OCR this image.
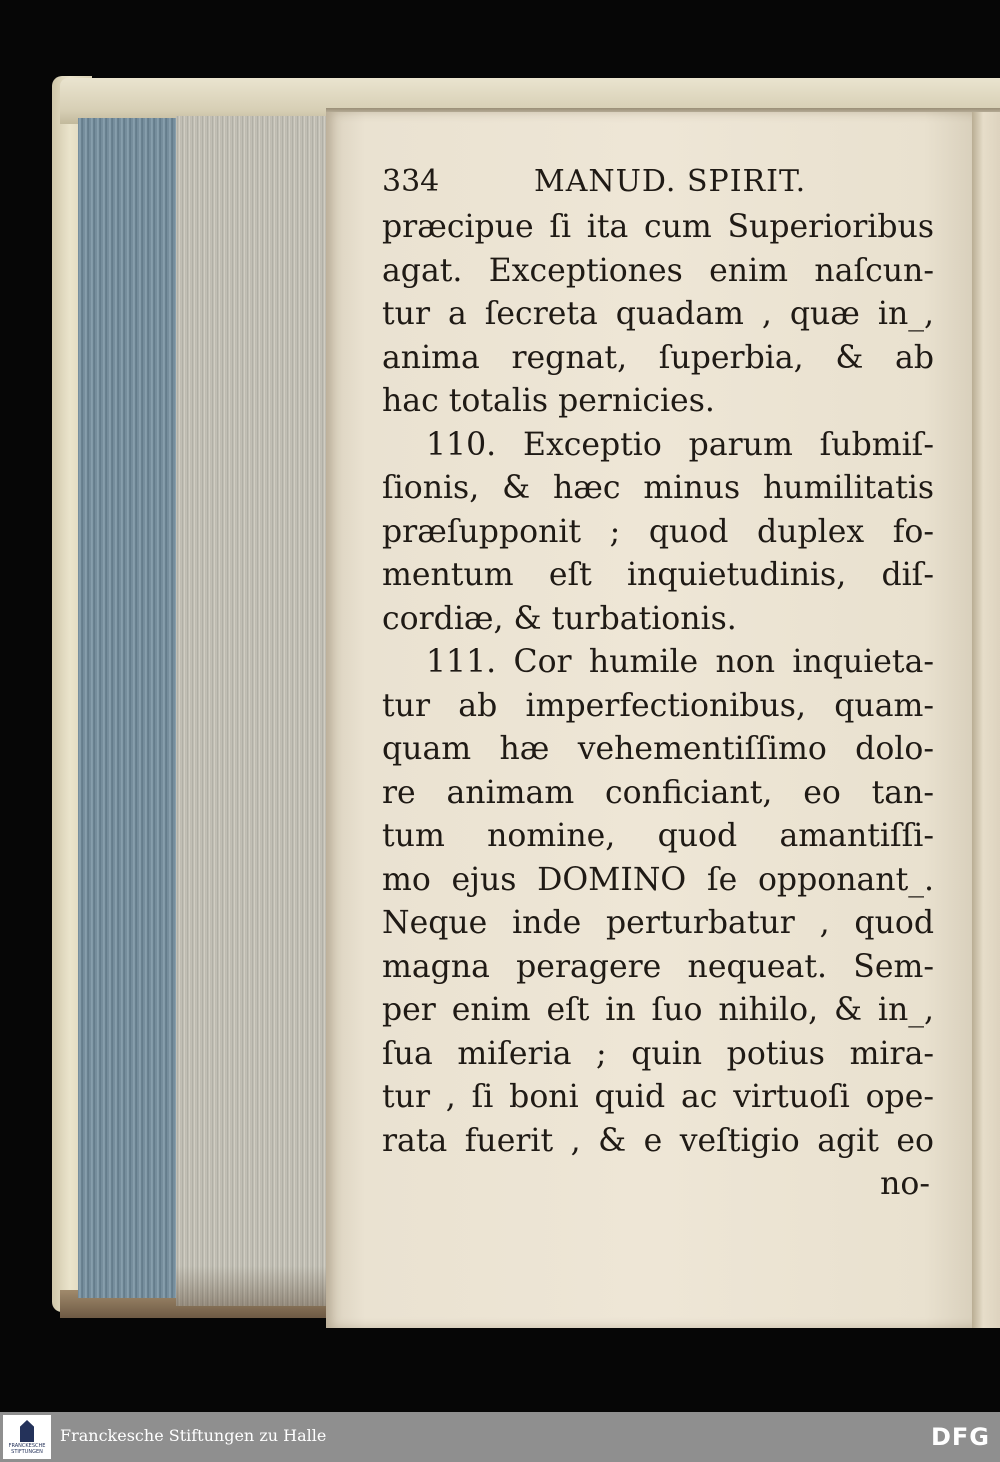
334	MANUD. SPIRIT.
præcipue ſi ita cum Superioribus
agat. Exceptiones enim naſcun-
tur a ſecreta quadam , quæ in_,
anima regnat, ſuperbia, & ab
hac totalis pernicies.
110. Exceptio parum ſubmiſ-
ſionis, & hæc minus humilitatis
præſupponit ; quod duplex fo-
mentum eſt inquietudinis, diſ-
cordiæ, & turbationis.
111. Cor humile non inquieta-
tur ab imperfectionibus, quam-
quam hæ vehementiſſimo dolo-
re animam conficiant, eo tan-
tum nomine, quod amantiſſi-
mo ejus DOMINO ſe opponant_.
Neque inde perturbatur , quod
magna peragere nequeat. Sem-
per enim eſt in ſuo nihilo, & in_,
ſua miſeria ; quin potius mira-
tur , ſi boni quid ac virtuoſi ope-
rata fuerit , & e veſtigio agit eo
no-
FRANCKESCHE
STIFTUNGEN
Franckesche Stiftungen zu Halle	DFG
